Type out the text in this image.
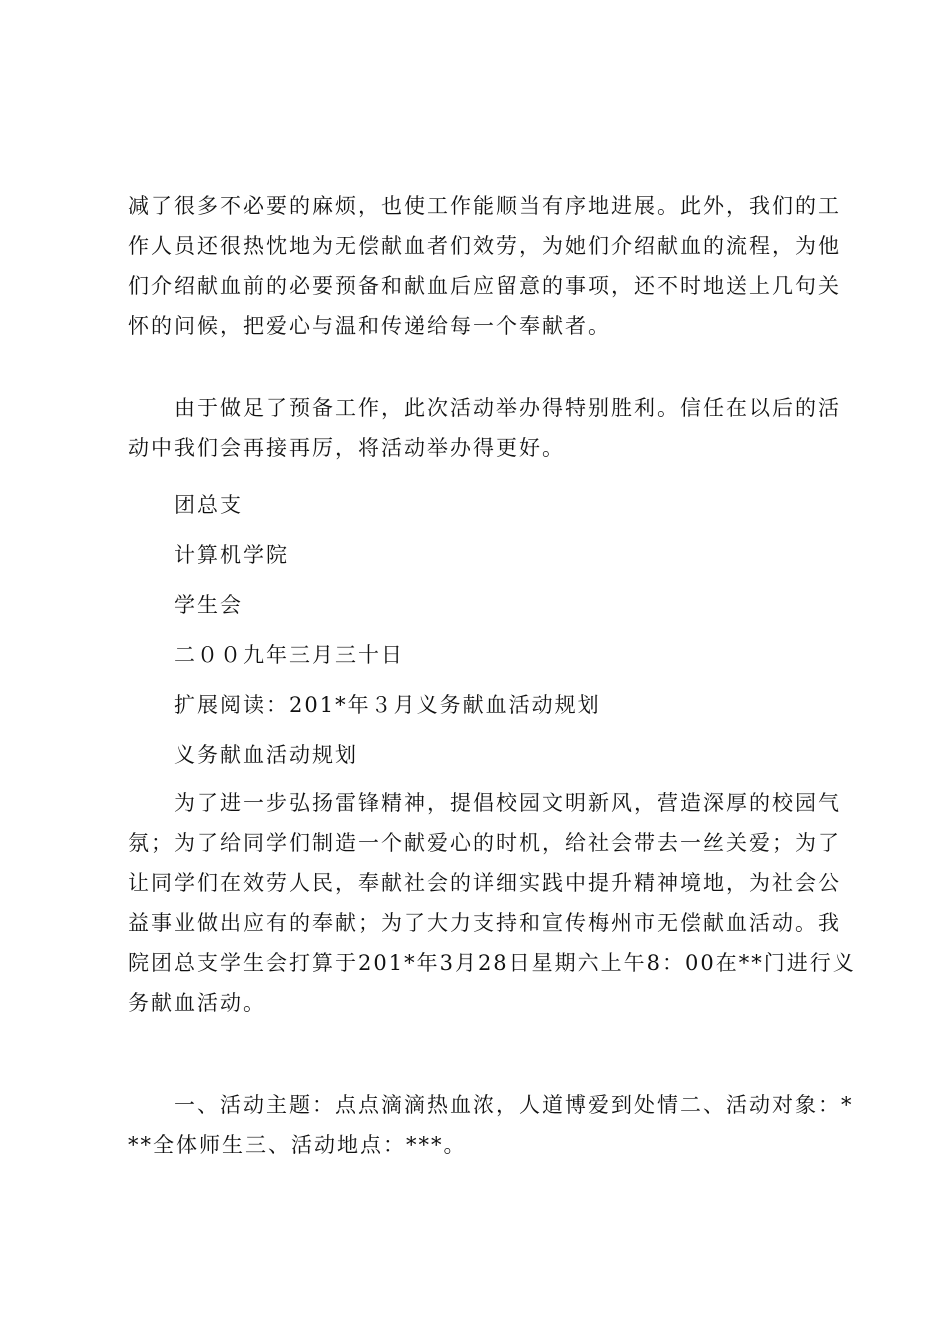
减了很多不必要的麻烦，也使工作能顺当有序地进展。此外，我们的工
作人员还很热忱地为无偿献血者们效劳，为她们介绍献血的流程，为他
们介绍献血前的必要预备和献血后应留意的事项，还不时地送上几句关
怀的问候，把爱心与温和传递给每一个奉献者。

由于做足了预备工作，此次活动举办得特别胜利。信任在以后的活
动中我们会再接再厉，将活动举办得更好。

团总支

计算机学院

学生会

二００九年三月三十日

扩展阅读：201*年３月义务献血活动规划

义务献血活动规划

为了进一步弘扬雷锋精神，提倡校园文明新风，营造深厚的校园气
氛；为了给同学们制造一个献爱心的时机，给社会带去一丝关爱；为了
让同学们在效劳人民，奉献社会的详细实践中提升精神境地，为社会公
益事业做出应有的奉献；为了大力支持和宣传梅州市无偿献血活动。我
院团总支学生会打算于201*年3月28日星期六上午8：00在**门进行义
务献血活动。

一、活动主题：点点滴滴热血浓，人道博爱到处情二、活动对象：*
**全体师生三、活动地点：***。
